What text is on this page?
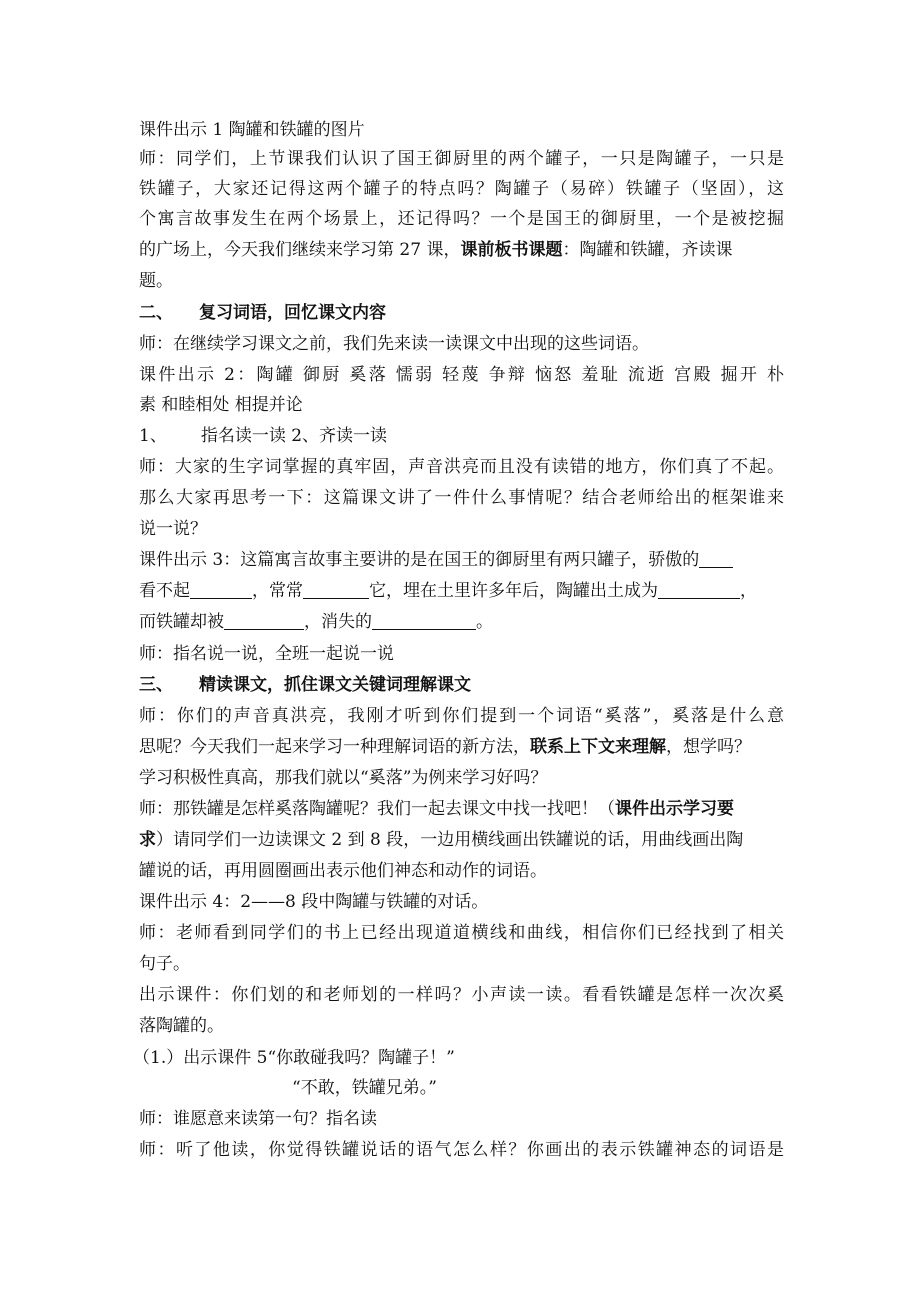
课件出示 1 陶罐和铁罐的图片
师：同学们，上节课我们认识了国王御厨里的两个罐子，一只是陶罐子，一只是
铁罐子，大家还记得这两个罐子的特点吗？陶罐子（易碎）铁罐子（坚固），这
个寓言故事发生在两个场景上，还记得吗？一个是国王的御厨里，一个是被挖掘
的广场上，今天我们继续来学习第 27 课，课前板书课题：陶罐和铁罐，齐读课
题。
二、 复习词语，回忆课文内容
师：在继续学习课文之前，我们先来读一读课文中出现的这些词语。
课件出示 2：陶罐 御厨 奚落 懦弱 轻蔑 争辩 恼怒 羞耻 流逝 宫殿 掘开 朴
素 和睦相处 相提并论
1、 指名读一读 2、齐读一读
师：大家的生字词掌握的真牢固，声音洪亮而且没有读错的地方，你们真了不起。
那么大家再思考一下：这篇课文讲了一件什么事情呢？结合老师给出的框架谁来
说一说？
课件出示 3：这篇寓言故事主要讲的是在国王的御厨里有两只罐子，骄傲的
看不起	，常常	它，埋在土里许多年后，陶罐出土成为	，
而铁罐却被	，消失的	。
师：指名说一说，全班一起说一说
三、 精读课文，抓住课文关键词理解课文
师：你们的声音真洪亮，我刚才听到你们提到一个词语“奚落”，奚落是什么意
思呢？今天我们一起来学习一种理解词语的新方法，联系上下文来理解，想学吗？
学习积极性真高，那我们就以“奚落”为例来学习好吗？
师：那铁罐是怎样奚落陶罐呢？我们一起去课文中找一找吧！（课件出示学习要
求）请同学们一边读课文 2 到 8 段，一边用横线画出铁罐说的话，用曲线画出陶
罐说的话，再用圆圈画出表示他们神态和动作的词语。
课件出示 4：2——8 段中陶罐与铁罐的对话。
师：老师看到同学们的书上已经出现道道横线和曲线，相信你们已经找到了相关
句子。
出示课件：你们划的和老师划的一样吗？小声读一读。看看铁罐是怎样一次次奚
落陶罐的。
（1.）出示课件 5“你敢碰我吗？陶罐子！”
“不敢，铁罐兄弟。”
师：谁愿意来读第一句？指名读
师：听了他读，你觉得铁罐说话的语气怎么样？你画出的表示铁罐神态的词语是
